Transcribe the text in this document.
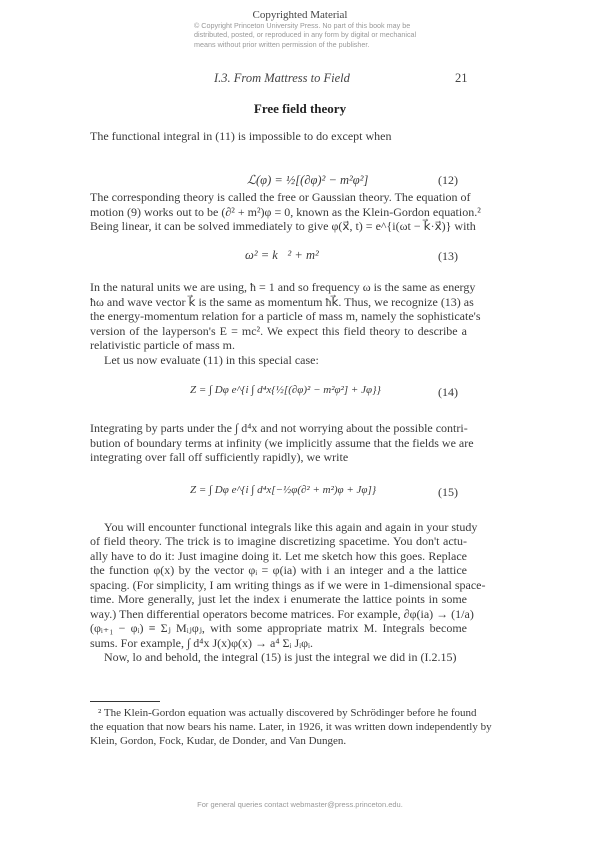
Copyrighted Material
© Copyright Princeton University Press. No part of this book may be distributed, posted, or reproduced in any form by digital or mechanical means without prior written permission of the publisher.
I.3. From Mattress to Field	21
Free field theory
The functional integral in (11) is impossible to do except when
The corresponding theory is called the free or Gaussian theory. The equation of
motion (9) works out to be (∂² + m²)φ = 0, known as the Klein-Gordon equation.²
Being linear, it can be solved immediately to give φ(x⃗, t) = e^{i(ωt − k⃗·x⃗)} with
In the natural units we are using, ħ = 1 and so frequency ω is the same as energy
ħω and wave vector k⃗ is the same as momentum ħk⃗. Thus, we recognize (13) as
the energy-momentum relation for a particle of mass m, namely the sophisticate's
version of the layperson's E = mc². We expect this field theory to describe a
relativistic particle of mass m.
Let us now evaluate (11) in this special case:
Integrating by parts under the ∫ d⁴x and not worrying about the possible contri-
bution of boundary terms at infinity (we implicitly assume that the fields we are
integrating over fall off sufficiently rapidly), we write
You will encounter functional integrals like this again and again in your study
of field theory. The trick is to imagine discretizing spacetime. You don't actu-
ally have to do it: Just imagine doing it. Let me sketch how this goes. Replace
the function φ(x) by the vector φᵢ = φ(ia) with i an integer and a the lattice
spacing. (For simplicity, I am writing things as if we were in 1-dimensional space-
time. More generally, just let the index i enumerate the lattice points in some
way.) Then differential operators become matrices. For example, ∂φ(ia) → (1/a)
(φᵢ₊₁ − φᵢ) ≡ Σⱼ Mᵢⱼφⱼ, with some appropriate matrix M. Integrals become
sums. For example, ∫ d⁴x J(x)φ(x) → a⁴ Σᵢ Jᵢφᵢ.
Now, lo and behold, the integral (15) is just the integral we did in (I.2.15)
ℒ(φ) = ½[(∂φ)² − m²φ²]	(12)
ω² = k⃗² + m²	(13)
Z = ∫ Dφ e^{i ∫ d⁴x{½[(∂φ)² − m²φ²] + Jφ}}	(14)
Z = ∫ Dφ e^{i ∫ d⁴x[−½φ(∂² + m²)φ + Jφ]}	(15)
² The Klein-Gordon equation was actually discovered by Schrödinger before he found
the equation that now bears his name. Later, in 1926, it was written down independently by
Klein, Gordon, Fock, Kudar, de Donder, and Van Dungen.
For general queries contact webmaster@press.princeton.edu.
